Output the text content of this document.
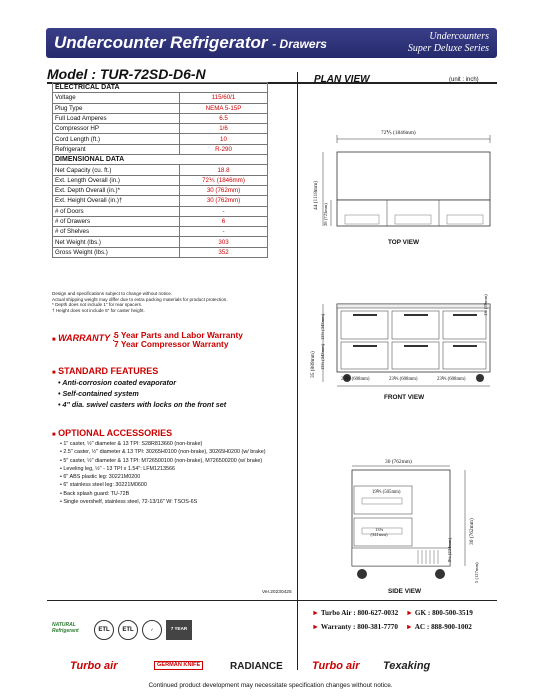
Undercounter Refrigerator - Drawers
Undercounters
Super Deluxe Series
Model : TUR-72SD-D6-N
ELECTRICAL DATA	
Voltage	115/60/1
Plug Type	NEMA 5-15P
Full Load Amperes	6.5
Compressor HP	1/6
Cord Length (ft.)	10
Refrigerant	R-290
DIMENSIONAL DATA	
Net Capacity (cu. ft.)	18.8
Ext. Length Overall (in.)	72⅕ (1846mm)
Ext. Depth Overall (in.)*	30 (762mm)
Ext. Height Overall (in.)†	30 (762mm)
# of Doors	-
# of Drawers	6
# of Shelves	-
Net Weight (lbs.)	303
Gross Weight (lbs.)	352
Design and specifications subject to change without notice.
Actual shipping weight may differ due to extra packing materials for product protection.
* Depth does not include 1" for rear spacers.
† Height does not include 5" for caster height.
■ WARRANTY :
5 Year Parts and Labor Warranty
7 Year Compressor Warranty
■ STANDARD FEATURES
• Anti-corrosion coated evaporator
• Self-contained system
• 4" dia. swivel casters with locks on the front set
■ OPTIONAL ACCESSORIES
• 1" caster, ½" diameter & 13 TPI: S28R813660 (non-brake)
• 2.5" caster, ½" diameter & 13 TPI: 30265H0100 (non-brake), 30265H0200 (w/ brake)
• 5" caster, ½" diameter & 13 TPI: M726500100 (non-brake), M726500200 (w/ brake)
• Leveling leg, ½" - 13 TPI x 1.54": LFM1213566
• 6" ABS plastic leg: 30221M0200
• 6" stainless steel leg: 30221M0600
• Back splash guard: TU-72B
• Single overshelf, stainless steel, 72-13/16" W: TSOS-6S
Ver.20230425
PLAN VIEW	(unit : inch)
72⅕ (1846mm)
44 (1118mm)
28 (723mm)
TOP VIEW
35 (889mm)
13½ (343mm)
13½ (343mm)
1⅝ (39mm)
23⅗ (608mm)	23⅗ (608mm)	23⅗ (608mm)
FRONT VIEW
30 (762mm)
19⅗ (505mm)
13⅜ (341mm)	30 (762mm)
9¼ (234mm)
5 (127mm)
SIDE VIEW
NATURAL Refrigerant	ETL	ETL	✓	7 YEAR
► Turbo Air : 800-627-0032 ► GK : 800-500-3519
► Warranty : 800-381-7770 ► AC : 888-900-1002
Turbo air	GERMAN KNIFE	RADIANCE	Turbo air Texaking
Continued product development may necessitate specification changes without notice.
